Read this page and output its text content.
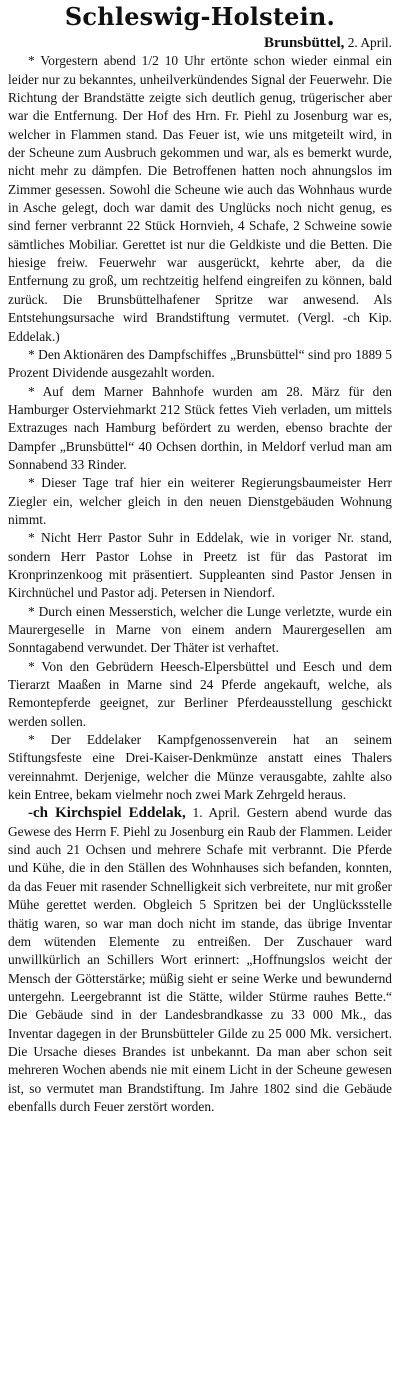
Schleswig-Holstein.
Brunsbüttel, 2. April.

* Vorgestern abend 1/2 10 Uhr ertönte schon wieder einmal ein leider nur zu bekanntes, unheilverkündendes Signal der Feuerwehr. Die Richtung der Brandstätte zeigte sich deutlich genug, trügerischer aber war die Entfernung. Der Hof des Hrn. Fr. Piehl zu Josenburg war es, welcher in Flammen stand. Das Feuer ist, wie uns mitgeteilt wird, in der Scheune zum Ausbruch gekommen und war, als es bemerkt wurde, nicht mehr zu dämpfen. Die Betroffenen hatten noch ahnungslos im Zimmer gesessen. Sowohl die Scheune wie auch das Wohnhaus wurde in Asche gelegt, doch war damit des Unglücks noch nicht genug, es sind ferner verbrannt 22 Stück Hornvieh, 4 Schafe, 2 Schweine sowie sämtliches Mobiliar. Gerettet ist nur die Geldkiste und die Betten. Die hiesige freiw. Feuerwehr war ausgerückt, kehrte aber, da die Entfernung zu groß, um rechtzeitig helfend eingreifen zu können, bald zurück. Die Brunsbüttelhafener Spritze war anwesend. Als Entstehungsursache wird Brandstiftung vermutet. (Vergl. -ch Kip. Eddelak.)

* Den Aktionären des Dampfschiffes „Brunsbüttel“ sind pro 1889 5 Prozent Dividende ausgezahlt worden.

* Auf dem Marner Bahnhofe wurden am 28. März für den Hamburger Osterviehmarkt 212 Stück fettes Vieh verladen, um mittels Extrazuges nach Hamburg befördert zu werden, ebenso brachte der Dampfer „Brunsbüttel“ 40 Ochsen dorthin, in Meldorf verlud man am Sonnabend 33 Rinder.

* Dieser Tage traf hier ein weiterer Regierungsbaumeister Herr Ziegler ein, welcher gleich in den neuen Dienstgebäuden Wohnung nimmt.

* Nicht Herr Pastor Suhr in Eddelak, wie in voriger Nr. stand, sondern Herr Pastor Lohse in Preetz ist für das Pastorat im Kronprinzenkoog mit präsentiert. Suppleanten sind Pastor Jensen in Kirchnüchel und Pastor adj. Petersen in Niendorf.

* Durch einen Messerstich, welcher die Lunge verletzte, wurde ein Maurergeselle in Marne von einem andern Maurergesellen am Sonntagabend verwundet. Der Thäter ist verhaftet.

* Von den Gebrüdern Heesch-Elpersbüttel und Eesch und dem Tierarzt Maaßen in Marne sind 24 Pferde angekauft, welche, als Remontepferde geeignet, zur Berliner Pferdeausstellung geschickt werden sollen.

* Der Eddelaker Kampfgenossenverein hat an seinem Stiftungsfeste eine Drei-Kaiser-Denkmünze anstatt eines Thalers vereinnahmt. Derjenige, welcher die Münze verausgabte, zahlte also kein Entree, bekam vielmehr noch zwei Mark Zehrgeld heraus.

-ch Kirchspiel Eddelak, 1. April. Gestern abend wurde das Gewese des Herrn F. Piehl zu Josenburg ein Raub der Flammen. Leider sind auch 21 Ochsen und mehrere Schafe mit verbrannt. Die Pferde und Kühe, die in den Ställen des Wohnhauses sich befanden, konnten, da das Feuer mit rasender Schnelligkeit sich verbreitete, nur mit großer Mühe gerettet werden. Obgleich 5 Spritzen bei der Unglücksstelle thätig waren, so war man doch nicht im stande, das übrige Inventar dem wütenden Elemente zu entreißen. Der Zuschauer ward unwillkürlich an Schillers Wort erinnert: „Hoffnungslos weicht der Mensch der Götterstärke; müßig sieht er seine Werke und bewundernd untergehn. Leergebrannt ist die Stätte, wilder Stürme rauhes Bette.“ Die Gebäude sind in der Landesbrandkasse zu 33 000 Mk., das Inventar dagegen in der Brunsbütteler Gilde zu 25 000 Mk. versichert. Die Ursache dieses Brandes ist unbekannt. Da man aber schon seit mehreren Wochen abends nie mit einem Licht in der Scheune gewesen ist, so vermutet man Brandstiftung. Im Jahre 1802 sind die Gebäude ebenfalls durch Feuer zerstört worden.
